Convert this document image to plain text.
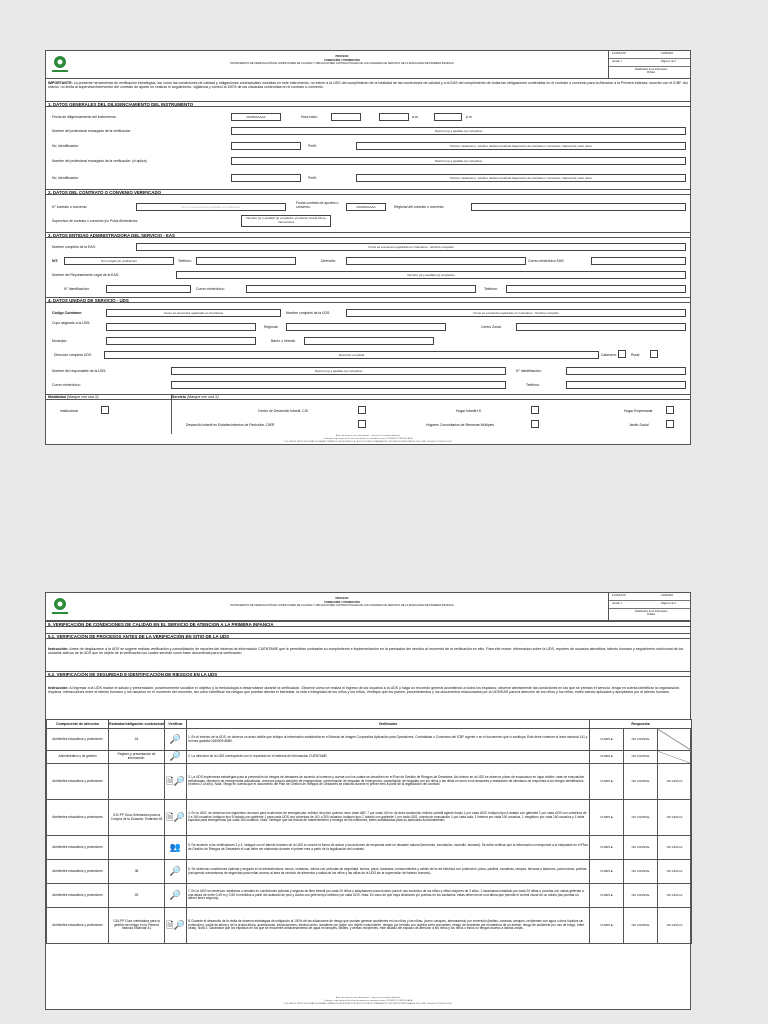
PROCESO
FORMACIÓN Y PROMOCIÓN
INSTRUMENTO DE VERIFICACIÓN DE CONDICIONES DE CALIDAD Y OBLIGACIONES CONTRACTUALES DE LAS UNIDADES DE SERVICIO DE LA MODALIDAD DE PRIMERA INFANCIA
F1.MO12.PP	13/08/2016
Versión 1	Página 1 de 5
Clasificación de la Información Pública
IMPORTANTE: La presente herramienta de verificación estratégica, así como las condiciones de calidad y obligaciones contractuales incluidas en este instrumento, no exime a la UDS del cumplimiento de la totalidad de las condiciones de calidad y a la EAS del cumplimiento de todas las obligaciones contenidas en el contrato o convenio para la Atención a la Primera Infancia, suscrito con el ICBF. Así mismo, no limita al supervisor/interventor del contrato de aporte en realizar el seguimiento, vigilancia y control al 100% de las cláusulas contenidas en el contrato o convenio.
1. DATOS GENERALES DEL DILIGENCIAMIENTO DEL INSTRUMENTO
Fecha de diligenciamiento del instrumento:	DD/MM/AAAA	Hora inicio:	a.m.	p.m.
Nombre del profesional encargado de la verificación:	Nombre (s) y apellido (s) completos
No. Identificación:	Perfil:	Técnico, Financiero, Jurídico, Enlace territorial Supervisor de contratos o convenios, Interventor entre otros.
Nombre del profesional encargado de la verificación: (si aplica)	Nombre (s) y apellido (s) completos
No. Identificación:	Perfil:	Técnico, Financiero, Jurídico, Enlace territorial Supervisor de contratos o convenios, Interventor entre otros.
2. DATOS DEL CONTRATO O CONVENIO VERIFICADO
N° contrato o convenio:	Como se encuentra registrado en Cuéntame
Fecha contrato de aportes o convenio:	DD/MM/AAAA	Regional del contrato o convenio:
Supervisor de contrato o convenio y/o Polos Alimenticios:
Nombre (s) y apellido (s) completos y/o Razón Social Firma Interventora
3. DATOS ENTIDAD ADMINISTRADORA DEL SERVICIO - EAS
Nombre completo de la EAS:	Como se encuentra registrado en Cuéntame - Nombre completo
NIT:	Sin el dígito de verificación	Teléfono:	Dirección:	Correo electrónico EAS:
Nombre del Representante Legal de la EAS:	Nombre (s) y apellido (s) completos
N° Identificación:	Correo electrónico:	Teléfono:
4. DATOS UNIDAD DE SERVICIO - UDS
Código Cuéntame:	Como se encuentra registrado en Cuéntame	Nombre completo de la UDS:	Como se encuentra registrado en Cuéntame - Nombre completo
Cupo asignado a la UDS:
Regional:	Centro Zonal:
Municipio:	Barrio o Vereda:
Dirección completa UDS:	Dirección completa	Cabecera:	Rural:
Nombre del responsable de la UDS:	Nombre (s) y apellido (s) completos	N° Identificación:
Correo electrónico:	Teléfono:
Modalidad (Marque con una X)	Servicio (Marque con una X)
Institucional	Centro de Desarrollo Infantil- CDI	Hogar Infantil-HI	Hogar Empresarial
Desarrollo Infantil en Establecimientos de Reclusión- DIER	Hogares Comunitarios de Bienestar Múltiples	Jardín Social
Antes de imprimir este documento… piense en el medio ambiente!
Cualquier copia impresa de este documento se considera como COPIA NO CONTROLADA
LOS DATOS PROPORCIONADOS SERÁN TRATADOS DE ACUERDO A LA POLÍTICA DE TRATAMIENTO DE DATOS PERSONALES DEL ICBF Y A LA LEY 1581 DE 2012
PROCESO
FORMACIÓN Y PROMOCIÓN
INSTRUMENTO DE VERIFICACIÓN DE CONDICIONES DE CALIDAD Y OBLIGACIONES CONTRACTUALES DE LAS UNIDADES DE SERVICIO DE LA MODALIDAD DE PRIMERA INFANCIA
F1.MO12.PP	13/08/2016
Versión 1	Página 2 de 5
Clasificación de la Información Pública
5. VERIFICACIÓN DE CONDICIONES DE CALIDAD EN EL SERVICIO DE ATENCION A LA PRIMERA INFANCIA
5.1. VERIFICACIÓN DE PROCESOS ANTES DE LA VERIFICACIÓN EN SITIO DE LA UDS
Instrucción: Antes de desplazarse a la UDS se sugiere realizar verificación y consolidación de reportes del sistema de información CUÉNTAME que le permitirán contrastar su cumplimiento e implementación en la prestación del servicio al momento de la verificación en sitio. Para ello revise: información sobre la UDS, reportes de usuarios atendidos, talento humano y seguimiento nutricional de los usuarios activos de la UDS que es objeto de la verificación los cuales servirán como base documental para la verificación.
5.2. VERIFICACIÓN DE SEGURIDAD E IDENTIFICACIÓN DE RIESGOS EN LA UDS
Instrucción: Al ingresar a la UDS realice el saludo y presentación, posteriormente socialice el objetivo y la metodología a desarrollarse durante la verificación. Observe cómo se realiza el ingreso de los usuarios a la UDS y haga un recorrido general accediendo a todos los espacios; observe atentamente las condiciones en las que se prestan el servicio, tenga en cuenta identificar la organización, limpieza, interacciones entre el talento humano y los usuarios en el momento del recorrido, así como identificar los riesgos que puedan afectar el bienestar, la vida e integridad de los niños y los niños. Verifique que los planes, procedimientos y los documentos relacionados por la UDS/EAS para la atención de los niños y los niños, estén siendo aplicados y apropiados por el talento humano.
Componente de atención	Estándar/obligación contractual	Verificar	Verificador	Respuesta		
Ambientes educativos y protectores	44	🔎	1. En el exterior de la UDS, se observa un aviso visible que indique la información establecida en el Manual de Imagen Corporativa Aplicación para Operadores, Contratistas o Convenios del ICBF vigente o en el documento que lo sustituya. Este debe contener la línea nacional 141 y la línea gratuita 018000918080.	CUMPLE	NO CUMPLE	
Administrativo y de gestión	Registro y presentación de información.	🔎	2. La dirección de la UDS corresponde con lo reportado en el sistema de información CUÉNTAME.	CUMPLE	NO CUMPLE	
Ambientes educativos y protectores		🗎🔎	3. La UDS implementa estrategias para la prevención de riesgos de desastres de acuerdo al contexto y cuenta con los cuales se describen en el Plan de Gestión de Riesgos de Desastres. Así mismo en la UDS se observa: plano de evacuación en lugar visible; rutas de evacuación señalizadas, directorio de emergencias actualizado, recursos para la atención de emergencias, conformación de brigadas de emergencia, capacitación de brigadas con los niños y las niñas en torno a los desastres y realización de simulacro de respuesta a los riesgos identificados (mínimo 2 al año). Nota: Tenga en cuenta que el documento del Plan de Gestión de Riesgos de Desastres se elabora durante el primer mes a partir de la legalización del contrato.	CUMPLE	NO CUMPLE	NO APLICA
Ambientes educativos y protectores	G10.PP Guía Orientadora para la Compra de la Dotación. Estándar 45	🗎🔎	4. En la UDS, se observan los siguientes recursos para la atención de emergencias: extintor de polvo químico seco clase ABC 7 por cada 140 m² de área construida; extintor portátil agente limpio 1 por cada UDS; botiquín tipo A dotado con gabinete 1 por cada UDS con cobertura de 0 a 160 usuarios; botiquín tipo B dotado con gabinete 1 para cada UDS con cobertura de 161 a 300 usuarios; botiquín tipo C dotado con gabinete 1 por cada UDS, cuenta de evacuación 1 por cada aula, 1 linterna por cada 100 usuarios, 1 megáfono por cada 160 usuarios y 1 tabla especial para emergencias por cada 160 usuarios. Nota: Verifique que las fechas de mantenimiento y recarga de los extintores, estén actualizadas para su adecuado funcionamiento.	CUMPLE	NO CUMPLE	NO APLICA
Ambientes educativos y protectores		👥	5. De acuerdo a los verificadores 3 y 4, indague con el talento humano de la UDS si conoce la forma de actuar y las acciones de respuesta ante un desastre natural (terremoto, inundación, incendio, tsunami). Se debe verificar que la información corresponde a lo estipulado en el Plan de Gestión de Riesgos de Desastres el cual debe ser elaborado durante el primer mes a partir de la legalización del contrato.	CUMPLE	NO CUMPLE	NO APLICA
Ambientes educativos y protectores	38	🔎	6. Se observan condiciones óptimas y seguras en la infraestructura: muros, ventanas, vidrios con películas de seguridad, techos, pisos, barandas, tomacorrientes y cables de la red eléctrica con protección, pisos, pasillos, escaleras, rampas, terrazas y balcones, para manos, puertas (incluyendo mecanismos de seguridad para evitar acceso al área de servicio de alimentos y salida de los niños y las niñas de la UDS sin la supervisión del talento humano).	CUMPLE	NO CUMPLE	NO APLICA
Ambientes educativos y protectores	45	🔎	7. En la UDS se observan: sanitarios u orinales en condiciones óptimas y seguras de libre infantil por cada 20 niños y adaptadores para inodoro para el uso exclusivo de los niños y niños mayores de 2 años. 1 lavamanos instalado por cada 20 niñas o pocetas con varias griferías a una altura de entre 0.45 m y 0.55 m medidos a partir del acabado de piso y ducha con grifería tipo teléfono por cada UDS. Nota: En caso de que haya divisiones y/o puertas en los sanitarios, estas deben tener una altura que permita el control visual de un adulto (las puertas no deben tener seguros).	CUMPLE	NO CUMPLE	NO APLICA
Ambientes educativos y protectores	G16.PP Guía orientadora para la gestión del riesgo en la Primera Infancia Estándar 41	🗎🔎	8. Durante el desarrollo de la visita de observa estrategias de mitigación al 100% de las situaciones de riesgo que puedan generar accidentes en los niños y las niñas: (como: tanques, abrevaderos) por inmersión (baldes, canecas, tanques, recipientes con agua u otros líquidos sin protección), caída de altura y de la propia altura, quemaduras, intoxicaciones, electrocución, accidente por golpe con objeto contundente, riesgos por heridas con objetos corto punzantes, riesgo de accidente por mordedura de un animal, riesgo de accidente por uso de fuego, entre otras). Nota 1: Garantizar que los espacios en los que se encuentre almacenamiento de agua en tanques, baldes, y demás recipientes, esté aislado del espacio de atención a los niños y los niños o estos no tengan acceso a dichas zonas.	CUMPLE	NO CUMPLE	NO APLICA
Antes de imprimir este documento… piense en el medio ambiente!
Cualquier copia impresa de este documento se considera como COPIA NO CONTROLADA
LOS DATOS PROPORCIONADOS SERÁN TRATADOS DE ACUERDO A LA POLÍTICA DE TRATAMIENTO DE DATOS PERSONALES DEL ICBF Y A LA LEY 1581 DE 2012
